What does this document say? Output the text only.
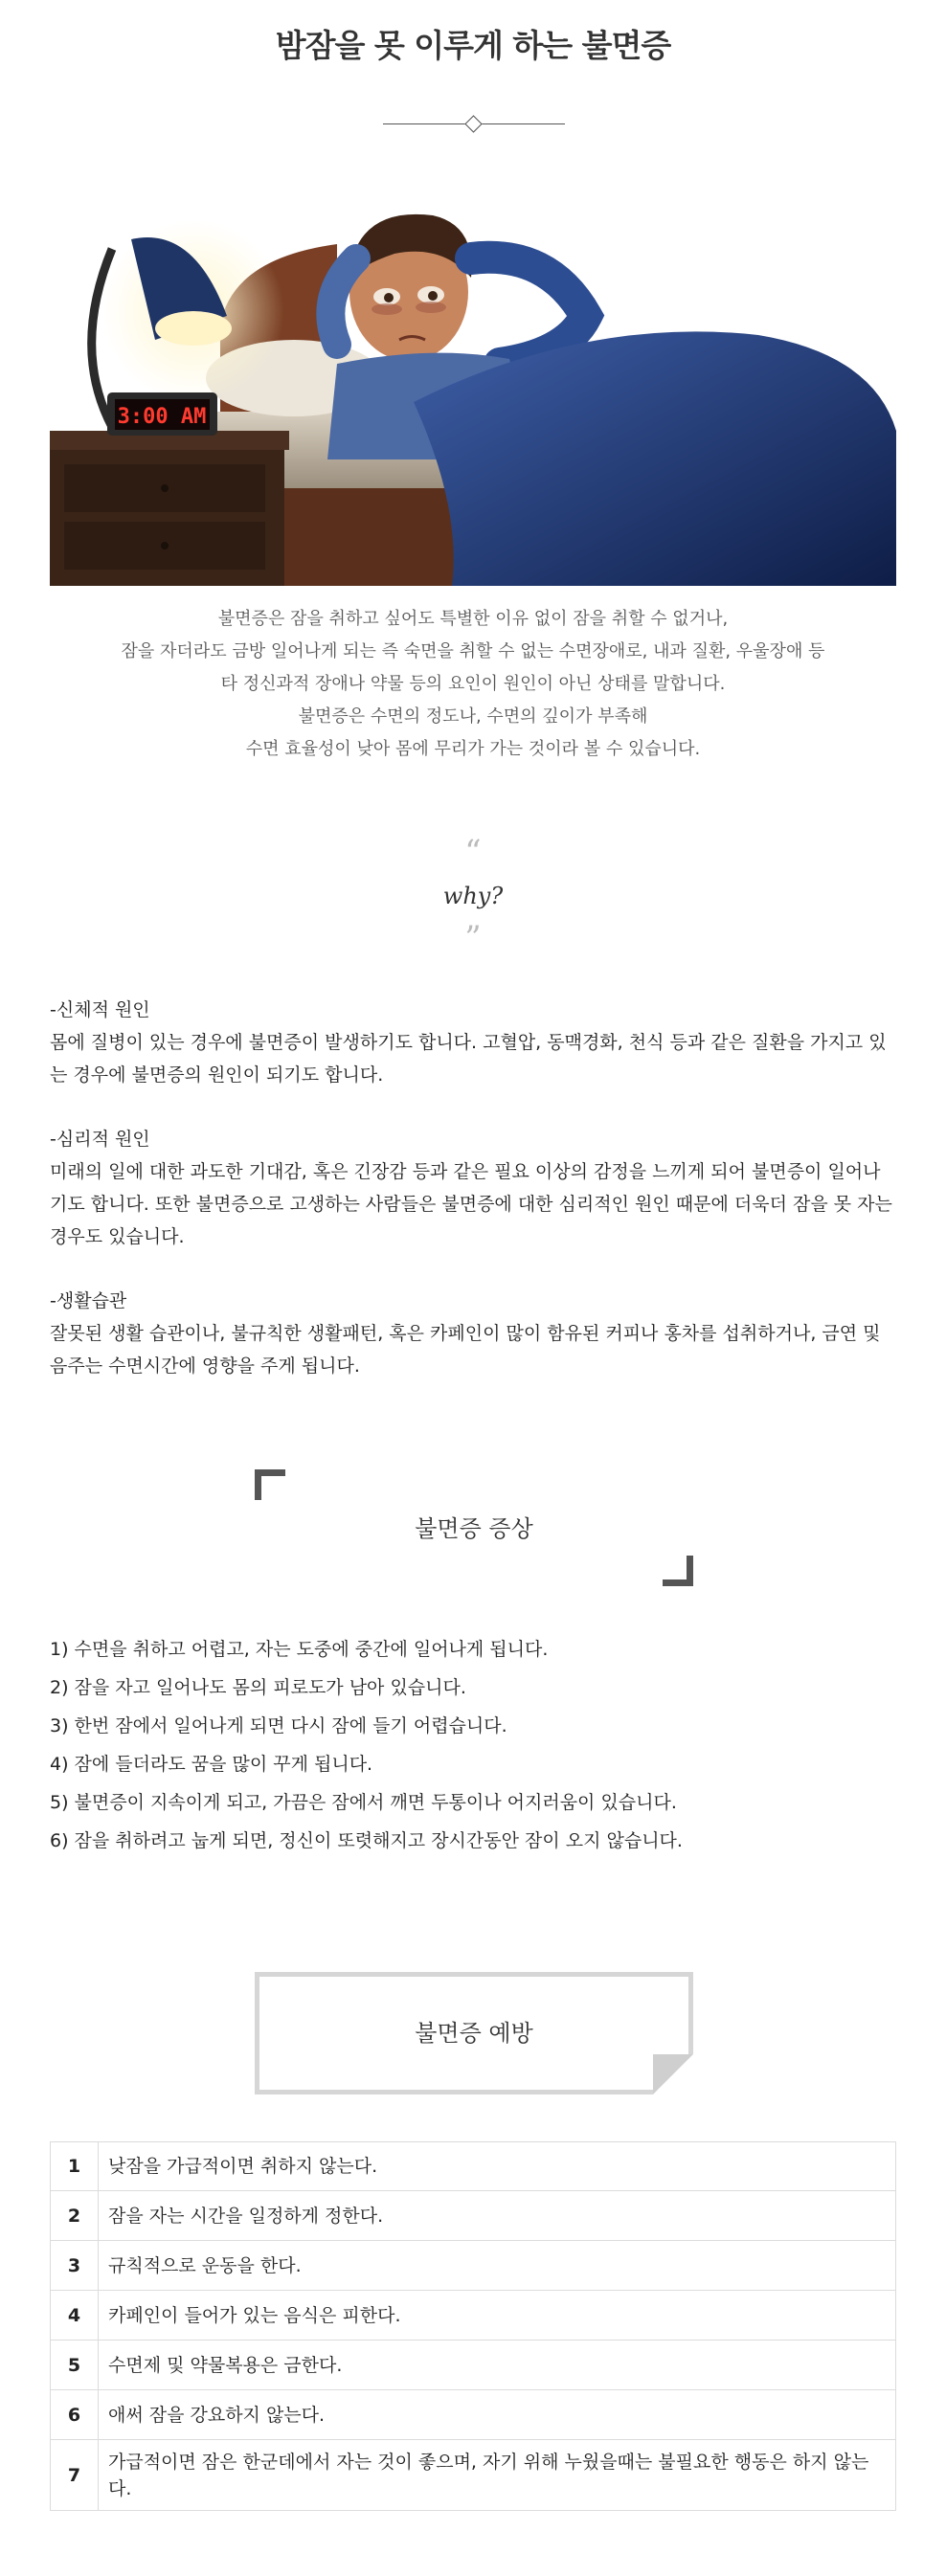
밤잠을 못 이루게 하는 불면증
3:00 AM

불면증은 잠을 취하고 싶어도 특별한 이유 없이 잠을 취할 수 없거나,

잠을 자더라도 금방 일어나게 되는 즉 숙면을 취할 수 없는 수면장애로, 내과 질환, 우울장애 등

타 정신과적 장애나 약물 등의 요인이 원인이 아닌 상태를 말합니다.

불면증은 수면의 정도나, 수면의 깊이가 부족해

수면 효율성이 낮아 몸에 무리가 가는 것이라 볼 수 있습니다.

“
why?
”
-신체적 원인
몸에 질병이 있는 경우에 불면증이 발생하기도 합니다. 고혈압, 동맥경화, 천식 등과 같은 질환을 가지고 있는 경우에 불면증의 원인이 되기도 합니다.
-심리적 원인
미래의 일에 대한 과도한 기대감, 혹은 긴장감 등과 같은 필요 이상의 감정을 느끼게 되어 불면증이 일어나기도 합니다. 또한 불면증으로 고생하는 사람들은 불면증에 대한 심리적인 원인 때문에 더욱더 잠을 못 자는 경우도 있습니다.
-생활습관
잘못된 생활 습관이나, 불규칙한 생활패턴, 혹은 카페인이 많이 함유된 커피나 홍차를 섭취하거나, 금연 및 음주는 수면시간에 영향을 주게 됩니다.
불면증 증상
1) 수면을 취하고 어렵고, 자는 도중에 중간에 일어나게 됩니다.
2) 잠을 자고 일어나도 몸의 피로도가 남아 있습니다.
3) 한번 잠에서 일어나게 되면 다시 잠에 들기 어렵습니다.
4) 잠에 들더라도 꿈을 많이 꾸게 됩니다.
5) 불면증이 지속이게 되고, 가끔은 잠에서 깨면 두통이나 어지러움이 있습니다.
6) 잠을 취하려고 눕게 되면, 정신이 또렷해지고 장시간동안 잠이 오지 않습니다.
불면증 예방
1	낮잠을 가급적이면 취하지 않는다.
2	잠을 자는 시간을 일정하게 정한다.
3	규칙적으로 운동을 한다.
4	카페인이 들어가 있는 음식은 피한다.
5	수면제 및 약물복용은 금한다.
6	애써 잠을 강요하지 않는다.
7	가급적이면 잠은 한군데에서 자는 것이 좋으며, 자기 위해 누웠을때는 불필요한 행동은 하지 않는다.
